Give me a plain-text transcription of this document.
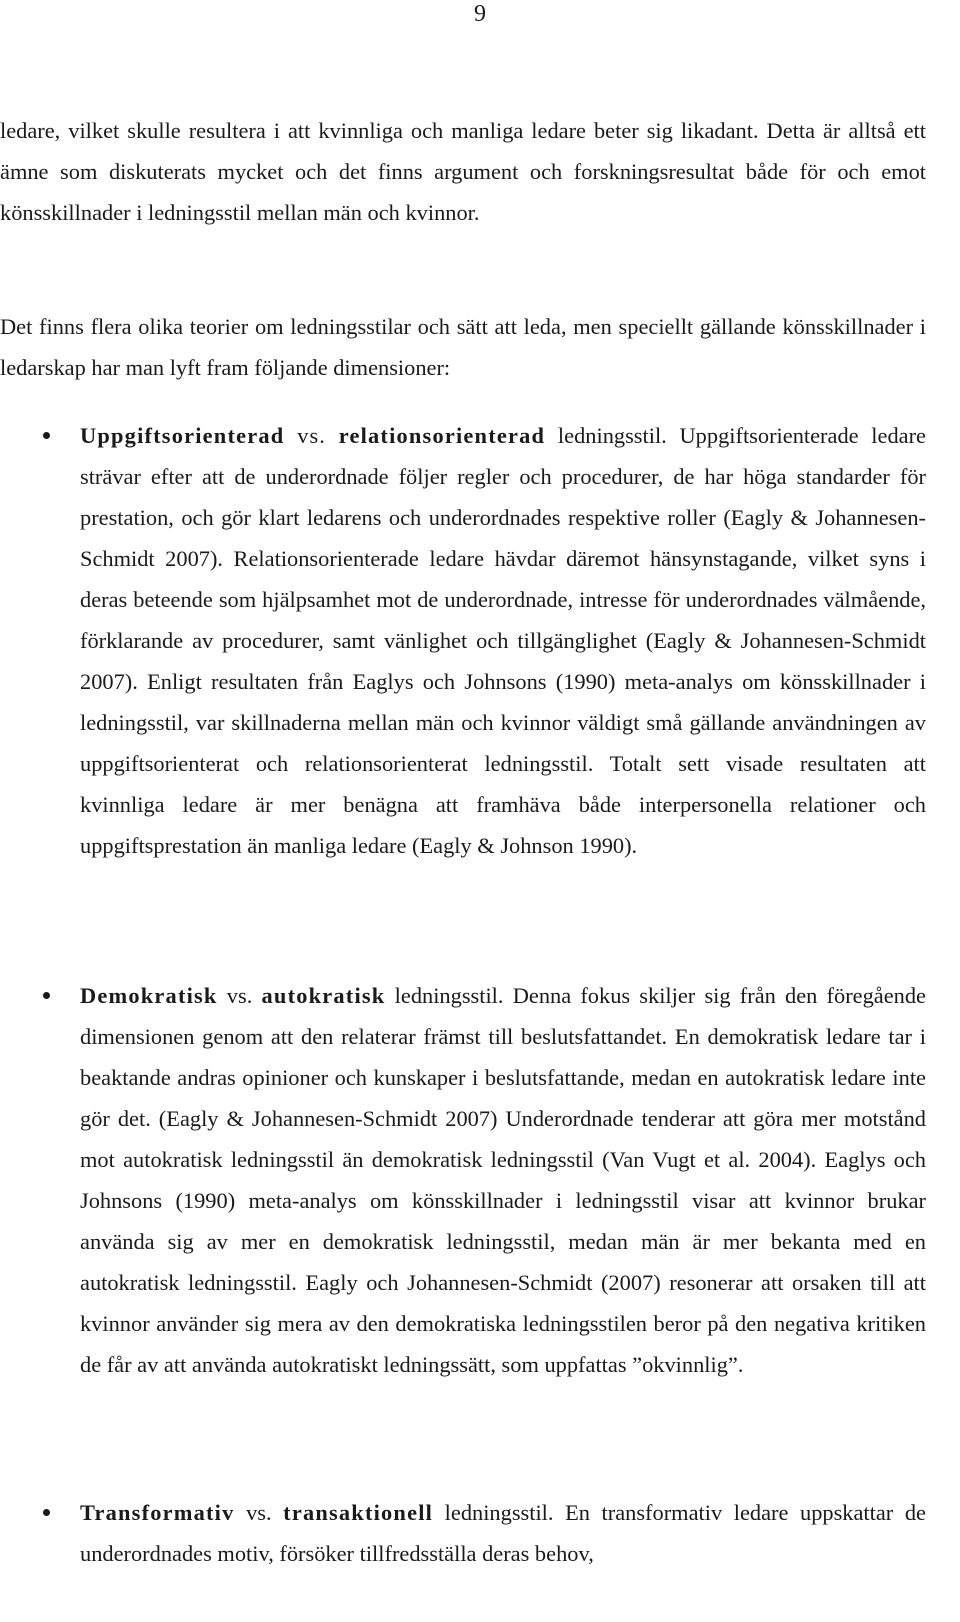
9

ledare, vilket skulle resultera i att kvinnliga och manliga ledare beter sig likadant. Detta är alltså ett ämne som diskuterats mycket och det finns argument och forskningsresultat både för och emot könsskillnader i ledningsstil mellan män och kvinnor.

Det finns flera olika teorier om ledningsstilar och sätt att leda, men speciellt gällande könsskillnader i ledarskap har man lyft fram följande dimensioner:

Uppgiftsorienterad vs. relationsorienterad ledningsstil. Uppgiftsorienterade ledare strävar efter att de underordnade följer regler och procedurer, de har höga standarder för prestation, och gör klart ledarens och underordnades respektive roller (Eagly & Johannesen-Schmidt 2007). Relationsorienterade ledare hävdar däremot hänsynstagande, vilket syns i deras beteende som hjälpsamhet mot de underordnade, intresse för underordnades välmående, förklarande av procedurer, samt vänlighet och tillgänglighet (Eagly & Johannesen-Schmidt 2007). Enligt resultaten från Eaglys och Johnsons (1990) meta-analys om könsskillnader i ledningsstil, var skillnaderna mellan män och kvinnor väldigt små gällande användningen av uppgiftsorienterat och relationsorienterat ledningsstil. Totalt sett visade resultaten att kvinnliga ledare är mer benägna att framhäva både interpersonella relationer och uppgiftsprestation än manliga ledare (Eagly & Johnson 1990).
Demokratisk vs. autokratisk ledningsstil. Denna fokus skiljer sig från den föregående dimensionen genom att den relaterar främst till beslutsfattandet. En demokratisk ledare tar i beaktande andras opinioner och kunskaper i beslutsfattande, medan en autokratisk ledare inte gör det. (Eagly & Johannesen-Schmidt 2007) Underordnade tenderar att göra mer motstånd mot autokratisk ledningsstil än demokratisk ledningsstil (Van Vugt et al. 2004). Eaglys och Johnsons (1990) meta-analys om könsskillnader i ledningsstil visar att kvinnor brukar använda sig av mer en demokratisk ledningsstil, medan män är mer bekanta med en autokratisk ledningsstil. Eagly och Johannesen-Schmidt (2007) resonerar att orsaken till att kvinnor använder sig mera av den demokratiska ledningsstilen beror på den negativa kritiken de får av att använda autokratiskt ledningssätt, som uppfattas ”okvinnlig”.
Transformativ vs. transaktionell ledningsstil. En transformativ ledare uppskattar de underordnades motiv, försöker tillfredsställa deras behov,
